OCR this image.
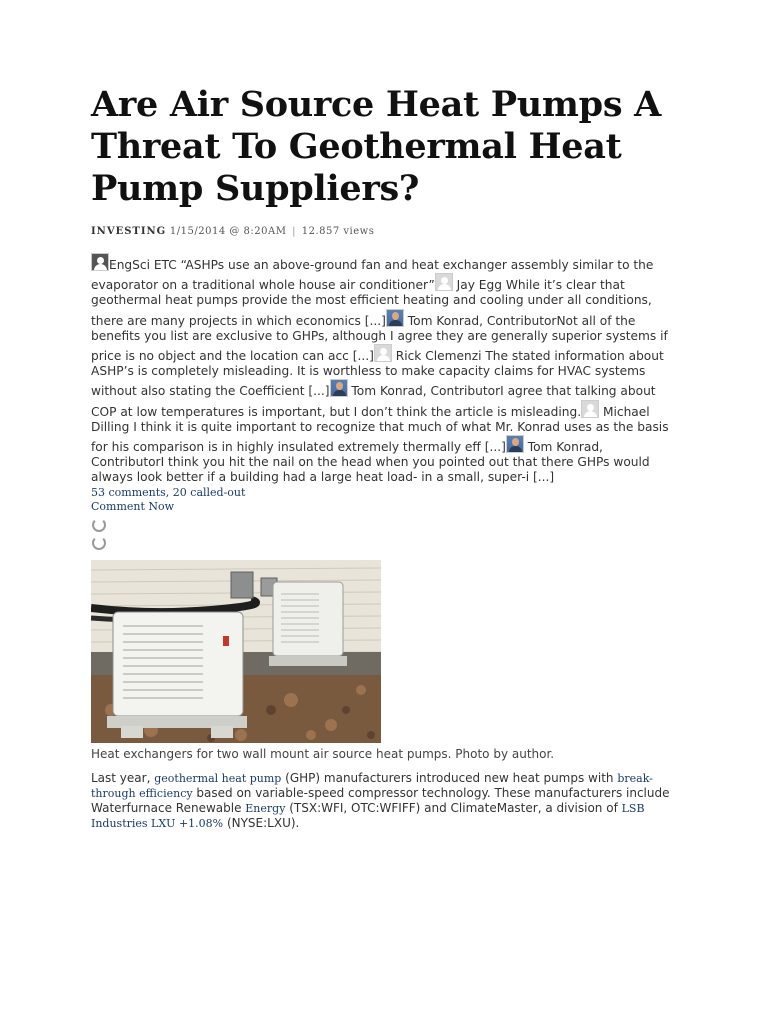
Are Air Source Heat Pumps A Threat To Geothermal Heat Pump Suppliers?
INVESTING 1/15/2014 @ 8:20AM | 12.857 views
EngSci ETC “ASHPs use an above-ground fan and heat exchanger assembly similar to the evaporator on a traditional whole house air conditioner” Jay Egg While it’s clear that geothermal heat pumps provide the most efficient heating and cooling under all conditions, there are many projects in which economics [...] Tom Konrad, ContributorNot all of the benefits you list are exclusive to GHPs, although I agree they are generally superior systems if price is no object and the location can acc [...] Rick Clemenzi The stated information about ASHP’s is completely misleading. It is worthless to make capacity claims for HVAC systems without also stating the Coefficient [...] Tom Konrad, ContributorI agree that talking about COP at low temperatures is important, but I don’t think the article is misleading. Michael Dilling I think it is quite important to recognize that much of what Mr. Konrad uses as the basis for his comparison is in highly insulated extremely thermally eff [...] Tom Konrad, ContributorI think you hit the nail on the head when you pointed out that there GHPs would always look better if a building had a large heat load- in a small, super-i [...]
53 comments, 20 called-out
Comment Now
Heat exchangers for two wall mount air source heat pumps. Photo by author.
Last year, geothermal heat pump (GHP) manufacturers introduced new heat pumps with break-through efficiency based on variable-speed compressor technology. These manufacturers include Waterfurnace Renewable Energy (TSX:WFI, OTC:WFIFF) and ClimateMaster, a division of LSB Industries LXU +1.08% (NYSE:LXU).
